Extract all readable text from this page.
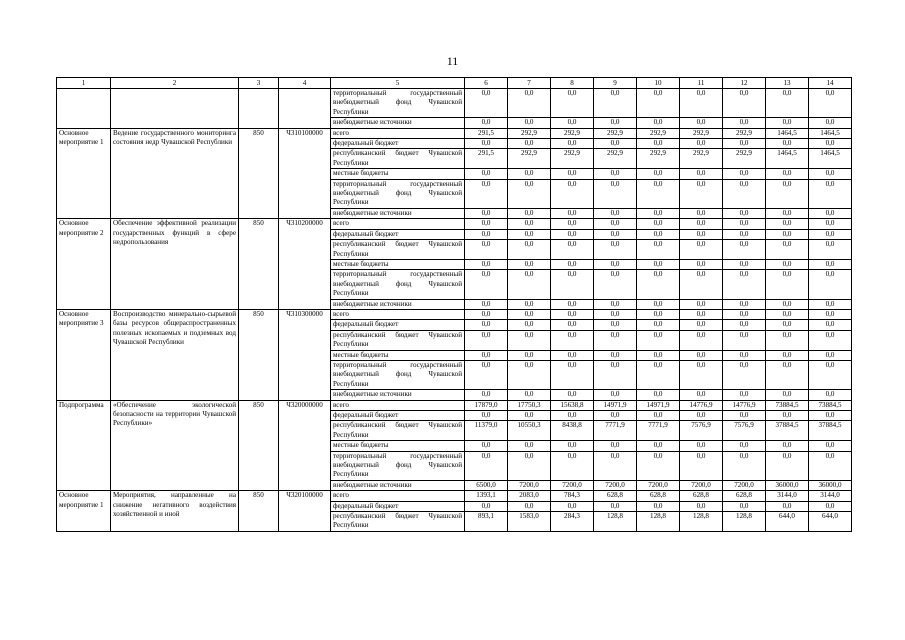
11
1	2	3	4	5	6	7	8	9	10	11	12	13	14
				территориальный государственный внебюджетный фонд Чувашской Республики	0,0	0,0	0,0	0,0	0,0	0,0	0,0	0,0	0,0
				внебюджетные источники	0,0	0,0	0,0	0,0	0,0	0,0	0,0	0,0	0,0
Основное мероприятие 1	Ведение государственного мониторинга состояния недр Чувашской Республики	850	Ч310100000	всего	291,5	292,9	292,9	292,9	292,9	292,9	292,9	1464,5	1464,5
				федеральный бюджет	0,0	0,0	0,0	0,0	0,0	0,0	0,0	0,0	0,0
				республиканский бюджет Чувашской Республики	291,5	292,9	292,9	292,9	292,9	292,9	292,9	1464,5	1464,5
				местные бюджеты	0,0	0,0	0,0	0,0	0,0	0,0	0,0	0,0	0,0
				территориальный государственный внебюджетный фонд Чувашской Республики	0,0	0,0	0,0	0,0	0,0	0,0	0,0	0,0	0,0
				внебюджетные источники	0,0	0,0	0,0	0,0	0,0	0,0	0,0	0,0	0,0
Основное мероприятие 2	Обеспечение эффективной реализации государственных функций в сфере недропользования	850	Ч310200000	всего	0,0	0,0	0,0	0,0	0,0	0,0	0,0	0,0	0,0
				федеральный бюджет	0,0	0,0	0,0	0,0	0,0	0,0	0,0	0,0	0,0
				республиканский бюджет Чувашской Республики	0,0	0,0	0,0	0,0	0,0	0,0	0,0	0,0	0,0
				местные бюджеты	0,0	0,0	0,0	0,0	0,0	0,0	0,0	0,0	0,0
				территориальный государственный внебюджетный фонд Чувашской Республики	0,0	0,0	0,0	0,0	0,0	0,0	0,0	0,0	0,0
				внебюджетные источники	0,0	0,0	0,0	0,0	0,0	0,0	0,0	0,0	0,0
Основное мероприятие 3	Воспроизводство минерально-сырьевой базы ресурсов общераспространенных полезных ископаемых и подземных вод Чувашской Республики	850	Ч310300000	всего	0,0	0,0	0,0	0,0	0,0	0,0	0,0	0,0	0,0
				федеральный бюджет	0,0	0,0	0,0	0,0	0,0	0,0	0,0	0,0	0,0
				республиканский бюджет Чувашской Республики	0,0	0,0	0,0	0,0	0,0	0,0	0,0	0,0	0,0
				местные бюджеты	0,0	0,0	0,0	0,0	0,0	0,0	0,0	0,0	0,0
				территориальный государственный внебюджетный фонд Чувашской Республики	0,0	0,0	0,0	0,0	0,0	0,0	0,0	0,0	0,0
				внебюджетные источники	0,0	0,0	0,0	0,0	0,0	0,0	0,0	0,0	0,0
Подпрограмма	«Обеспечение экологической безопасности на территории Чувашской Республики»	850	Ч320000000	всего	17879,0	17750,3	15638,8	14971,9	14971,9	14776,9	14776,9	73884,5	73884,5
				федеральный бюджет	0,0	0,0	0,0	0,0	0,0	0,0	0,0	0,0	0,0
				республиканский бюджет Чувашской Республики	11379,0	10550,3	8438,8	7771,9	7771,9	7576,9	7576,9	37884,5	37884,5
				местные бюджеты	0,0	0,0	0,0	0,0	0,0	0,0	0,0	0,0	0,0
				территориальный государственный внебюджетный фонд Чувашской Республики	0,0	0,0	0,0	0,0	0,0	0,0	0,0	0,0	0,0
				внебюджетные источники	6500,0	7200,0	7200,0	7200,0	7200,0	7200,0	7200,0	36000,0	36000,0
Основное мероприятие 1	Мероприятия, направленные на снижение негативного воздействия хозяйственной и иной	850	Ч320100000	всего	1393,1	2083,0	784,3	628,8	628,8	628,8	628,8	3144,0	3144,0
				федеральный бюджет	0,0	0,0	0,0	0,0	0,0	0,0	0,0	0,0	0,0
				республиканский бюджет Чувашской Республики	893,1	1583,0	284,3	128,8	128,8	128,8	128,8	644,0	644,0
